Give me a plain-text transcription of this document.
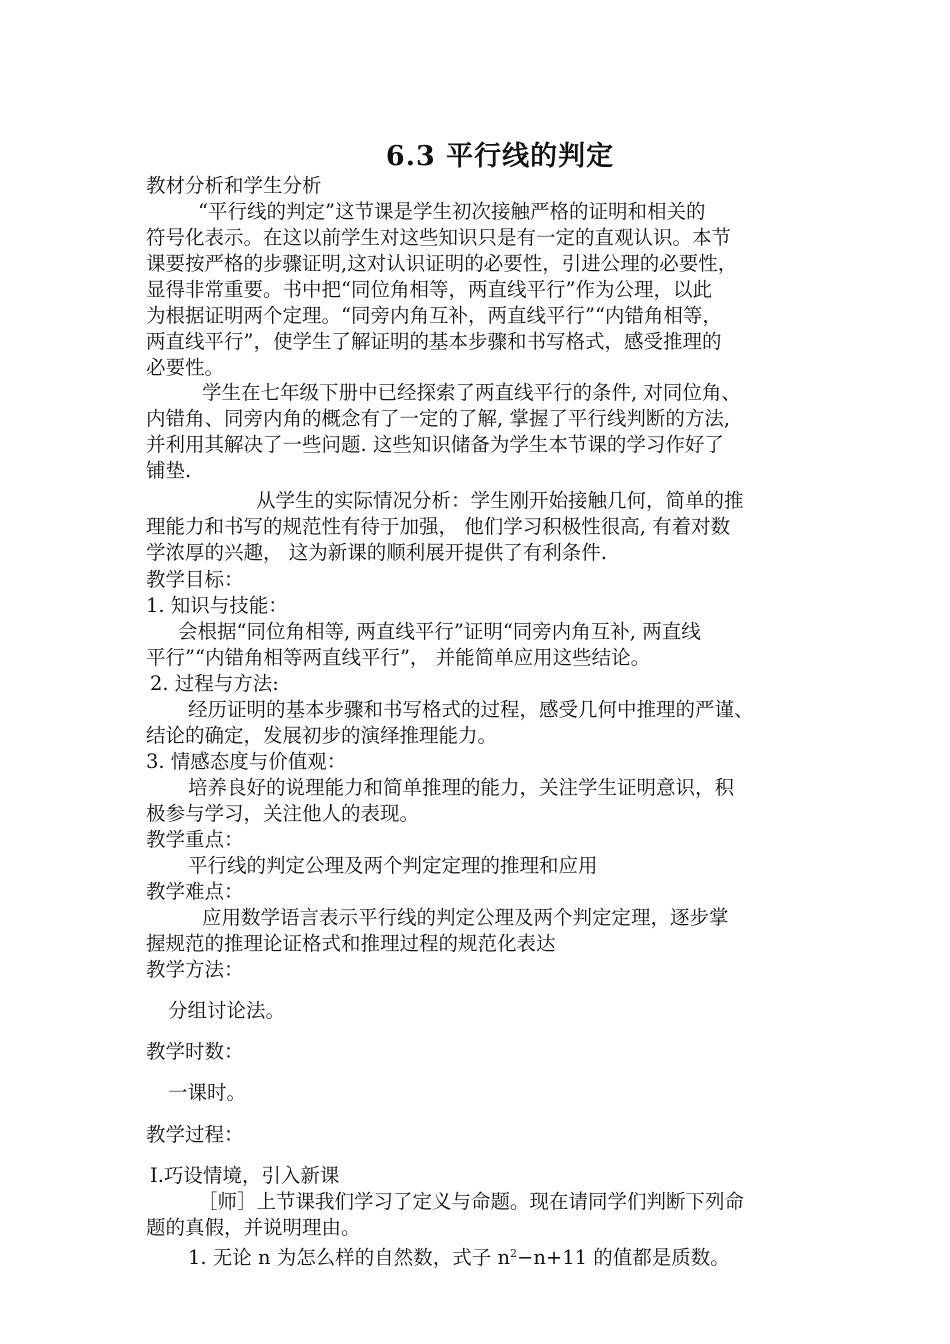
6.3 平行线的判定
教材分析和学生分析
“平行线的判定”这节课是学生初次接触严格的证明和相关的
符号化表示。在这以前学生对这些知识只是有一定的直观认识。本节
课要按严格的步骤证明,这对认识证明的必要性，引进公理的必要性，
显得非常重要。书中把“同位角相等，两直线平行”作为公理，以此
为根据证明两个定理。“同旁内角互补，两直线平行”“内错角相等，
两直线平行”，使学生了解证明的基本步骤和书写格式，感受推理的
必要性。
学生在七年级下册中已经探索了两直线平行的条件, 对同位角、
内错角、同旁内角的概念有了一定的了解, 掌握了平行线判断的方法,
并利用其解决了一些问题. 这些知识储备为学生本节课的学习作好了
铺垫.
从学生的实际情况分析：学生刚开始接触几何，简单的推
理能力和书写的规范性有待于加强， 他们学习积极性很高, 有着对数
学浓厚的兴趣， 这为新课的顺利展开提供了有利条件.
教学目标：
1. 知识与技能：
会根据“同位角相等, 两直线平行”证明“同旁内角互补, 两直线
平行”“内错角相等两直线平行”， 并能简单应用这些结论。
2. 过程与方法:
经历证明的基本步骤和书写格式的过程，感受几何中推理的严谨、
结论的确定，发展初步的演绎推理能力。
3. 情感态度与价值观：
培养良好的说理能力和简单推理的能力，关注学生证明意识，积
极参与学习，关注他人的表现。
教学重点：
平行线的判定公理及两个判定定理的推理和应用
教学难点：
应用数学语言表示平行线的判定公理及两个判定定理，逐步掌
握规范的推理论证格式和推理过程的规范化表达
教学方法：
分组讨论法。
教学时数：
一课时。
教学过程：
Ⅰ.巧设情境，引入新课
［师］上节课我们学习了定义与命题。现在请同学们判断下列命
题的真假，并说明理由。
1. 无论 n 为怎么样的自然数，式子 $n^2-n+11$ 的值都是质数。
